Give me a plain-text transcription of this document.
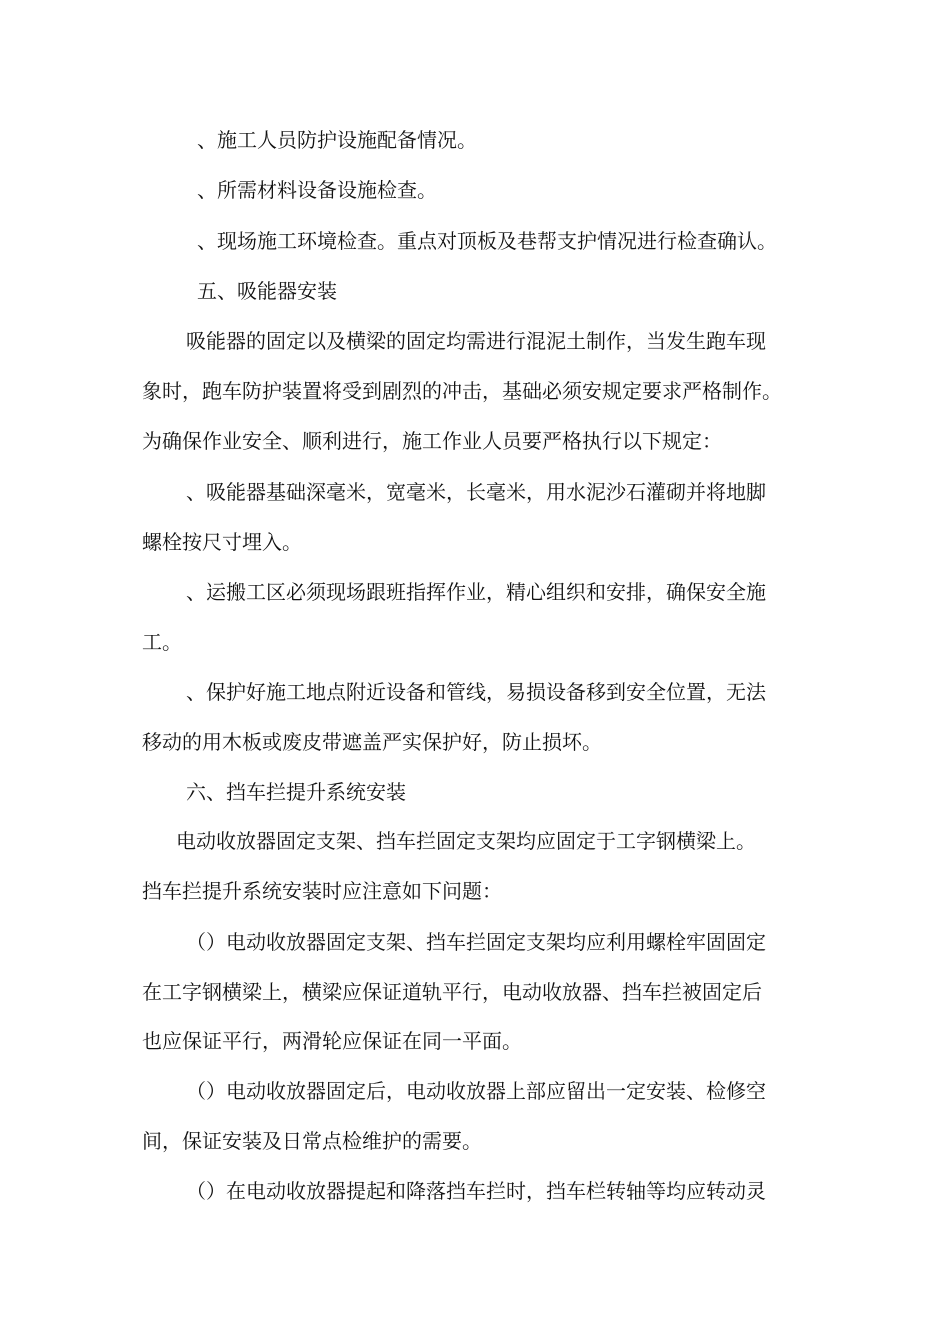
、施工人员防护设施配备情况。
、所需材料设备设施检查。
、现场施工环境检查。重点对顶板及巷帮支护情况进行检查确认。
五、吸能器安装
吸能器的固定以及横梁的固定均需进行混泥土制作，当发生跑车现
象时，跑车防护装置将受到剧烈的冲击，基础必须安规定要求严格制作。
为确保作业安全、顺利进行，施工作业人员要严格执行以下规定：
、吸能器基础深毫米，宽毫米，长毫米，用水泥沙石灌砌并将地脚
螺栓按尺寸埋入。
、运搬工区必须现场跟班指挥作业，精心组织和安排，确保安全施
工。
、保护好施工地点附近设备和管线，易损设备移到安全位置，无法
移动的用木板或废皮带遮盖严实保护好，防止损坏。
六、挡车拦提升系统安装
电动收放器固定支架、挡车拦固定支架均应固定于工字钢横梁上。
挡车拦提升系统安装时应注意如下问题：
（）电动收放器固定支架、挡车拦固定支架均应利用螺栓牢固固定
在工字钢横梁上，横梁应保证道轨平行，电动收放器、挡车拦被固定后
也应保证平行，两滑轮应保证在同一平面。
（）电动收放器固定后，电动收放器上部应留出一定安装、检修空
间，保证安装及日常点检维护的需要。
（）在电动收放器提起和降落挡车拦时，挡车栏转轴等均应转动灵
